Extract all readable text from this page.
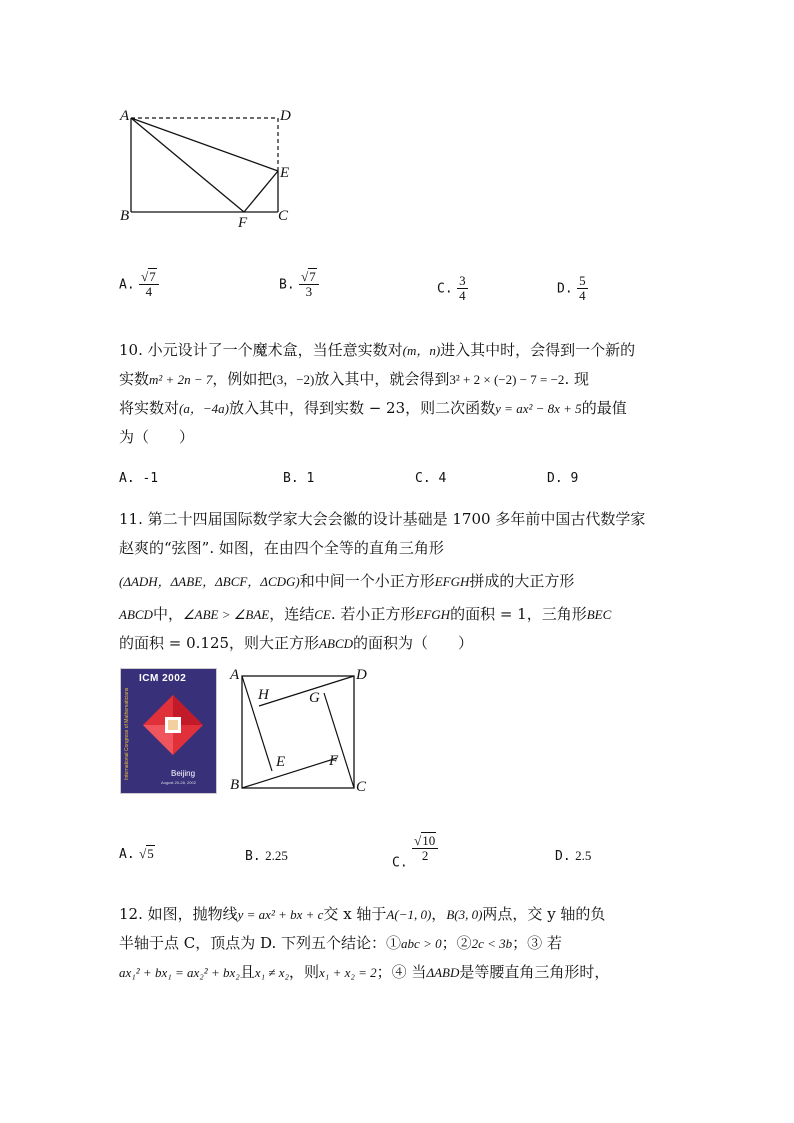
A	D
E
B	C
F
A. $\frac{√7}{4}$	B. $\frac{√7}{3}$	C. $\frac{3}{4}$	D. $\frac{5}{4}$
10. 小元设计了一个魔术盒，当任意实数对(m，n)进入其中时，会得到一个新的
实数m² + 2n − 7，例如把(3，−2)放入其中，就会得到3² + 2 × (−2) − 7 = −2. 现
将实数对(a，−4a)放入其中，得到实数 − 23，则二次函数y = ax² − 8x + 5的最值
为（　　）
A. -1	B. 1	C. 4	D. 9
11. 第二十四届国际数学家大会会徽的设计基础是 1700 多年前中国古代数学家
赵爽的“弦图”. 如图，在由四个全等的直角三角形
(ΔADH，ΔABE，ΔBCF，ΔCDG)和中间一个小正方形EFGH拼成的大正方形
ABCD中，∠ABE > ∠BAE，连结CE. 若小正方形EFGH的面积 = 1，三角形BEC
的面积 = 0.125，则大正方形ABCD的面积为（　　）
ICM 2002
International Congress of Mathematicians	Beijing
August 20-28, 2002
A	D
B	C
H	G
E	F
A. √5	B. 2.25	C. $\frac{√10}{2}$	D. 2.5
12. 如图，抛物线y = ax² + bx + c交 x 轴于A(−1, 0)，B(3, 0)两点，交 y 轴的负
半轴于点 C，顶点为 D. 下列五个结论：①abc > 0；②2c < 3b；③ 若
ax₁² + bx₁ = ax₂² + bx₂且x₁ ≠ x₂，则x₁ + x₂ = 2；④ 当ΔABD是等腰直角三角形时，
